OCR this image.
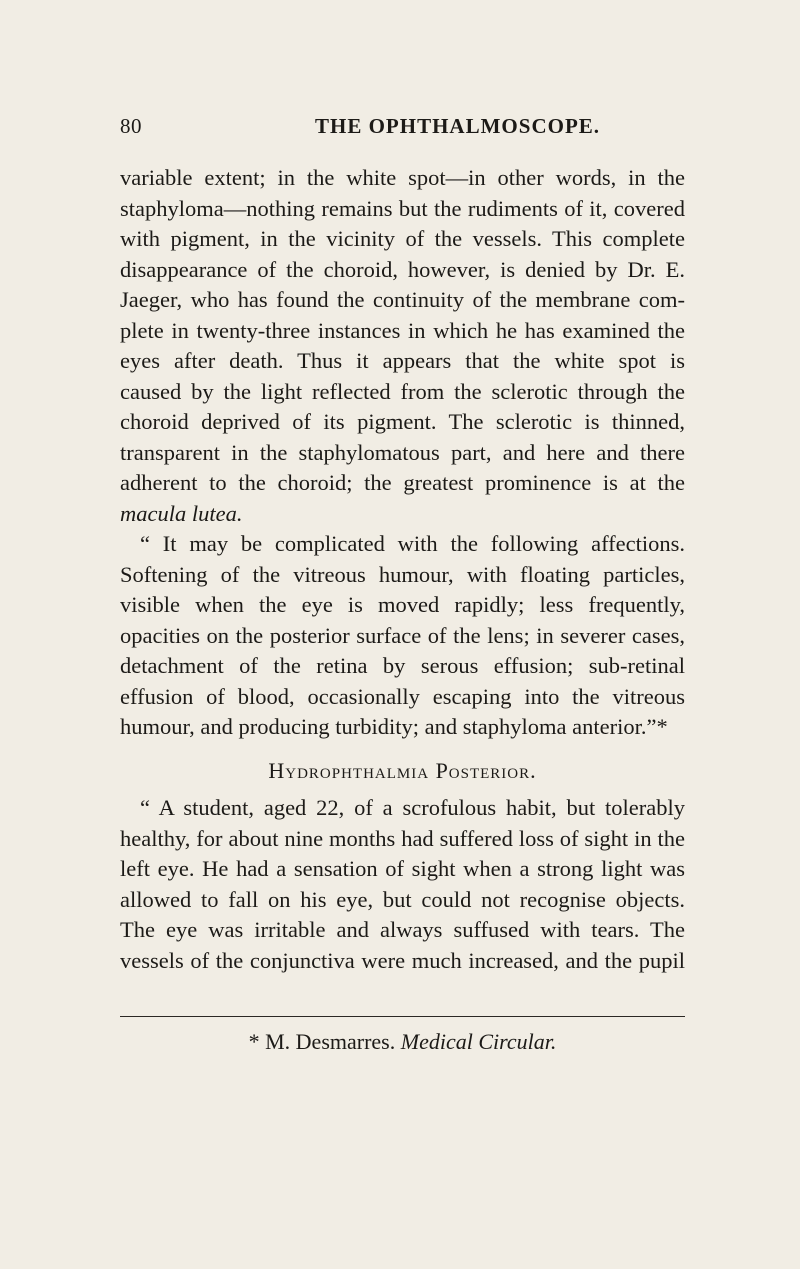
80	THE OPHTHALMOSCOPE.

variable extent; in the white spot—in other words, in the

staphyloma—nothing remains but the rudiments of it, covered

with pigment, in the vicinity of the vessels. This complete

disappearance of the choroid, however, is denied by Dr. E.

Jaeger, who has found the continuity of the membrane com-

plete in twenty-three instances in which he has examined the

eyes after death. Thus it appears that the white spot is

caused by the light reflected from the sclerotic through the

choroid deprived of its pigment. The sclerotic is thinned,

transparent in the staphylomatous part, and here and there

adherent to the choroid; the greatest prominence is at the

macula lutea.

“ It may be complicated with the following affections.

Softening of the vitreous humour, with floating particles,

visible when the eye is moved rapidly; less frequently,

opacities on the posterior surface of the lens; in severer cases,

detachment of the retina by serous effusion; sub-retinal

effusion of blood, occasionally escaping into the vitreous

humour, and producing turbidity; and staphyloma anterior.”*

Hydrophthalmia Posterior.

“ A student, aged 22, of a scrofulous habit, but tolerably

healthy, for about nine months had suffered loss of sight in the

left eye. He had a sensation of sight when a strong light was

allowed to fall on his eye, but could not recognise objects.

The eye was irritable and always suffused with tears. The

vessels of the conjunctiva were much increased, and the pupil

* M. Desmarres. Medical Circular.
